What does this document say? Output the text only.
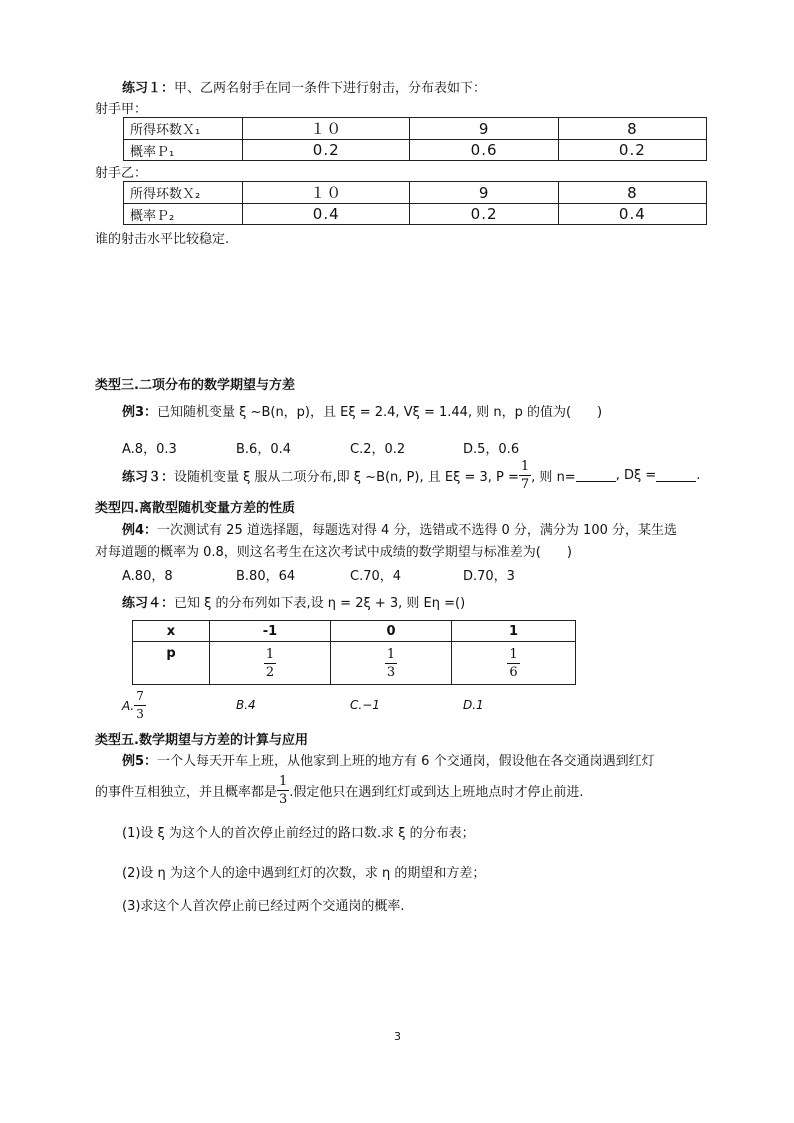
练习１：甲、乙两名射手在同一条件下进行射击，分布表如下：
射手甲：
所得环数Ｘ₁	１０	9	8
概率Ｐ₁	0.2	0.6	0.2
射手乙：
所得环数Ｘ₂	１０	9	8
概率Ｐ₂	0.4	0.2	0.4
谁的射击水平比较稳定.
类型三.二项分布的数学期望与方差
例3：已知随机变量 ξ ~B(n，p)，且 Eξ = 2.4, Vξ = 1.44, 则 n，p 的值为(　　)
A.8，0.3	B.6，0.4	C.2，0.2	D.5，0.6
练习３： 设随机变量 ξ 服从二项分布,即 ξ ~B(n, P), 且 Eξ = 3, $P = \frac{1}{7}$ , 则 n=	, Dξ =	.
类型四.离散型随机变量方差的性质
例4：一次测试有 25 道选择题，每题选对得 4 分，选错或不选得 0 分，满分为 100 分，某生选
对每道题的概率为 0.8，则这名考生在这次考试中成绩的数学期望与标准差为(　　)
A.80，8	B.80，64	C.70，4	D.70，3
练习４：已知 ξ 的分布列如下表,设 η = 2ξ + 3, 则 Eη =()
x	-1	0	1
p	$\frac{1}{2}$	$\frac{1}{3}$	$\frac{1}{6}$
A. $\frac{7}{3}$	B.4	C.−1	D.1
类型五.数学期望与方差的计算与应用
例5：一个人每天开车上班，从他家到上班的地方有 6 个交通岗，假设他在各交通岗遇到红灯
的事件互相独立，并且概率都是 $\frac{1}{3}$ .假定他只在遇到红灯或到达上班地点时才停止前进.
(1)设 ξ 为这个人的首次停止前经过的路口数.求 ξ 的分布表；
(2)设 η 为这个人的途中遇到红灯的次数，求 η 的期望和方差；
(3)求这个人首次停止前已经过两个交通岗的概率.
3
